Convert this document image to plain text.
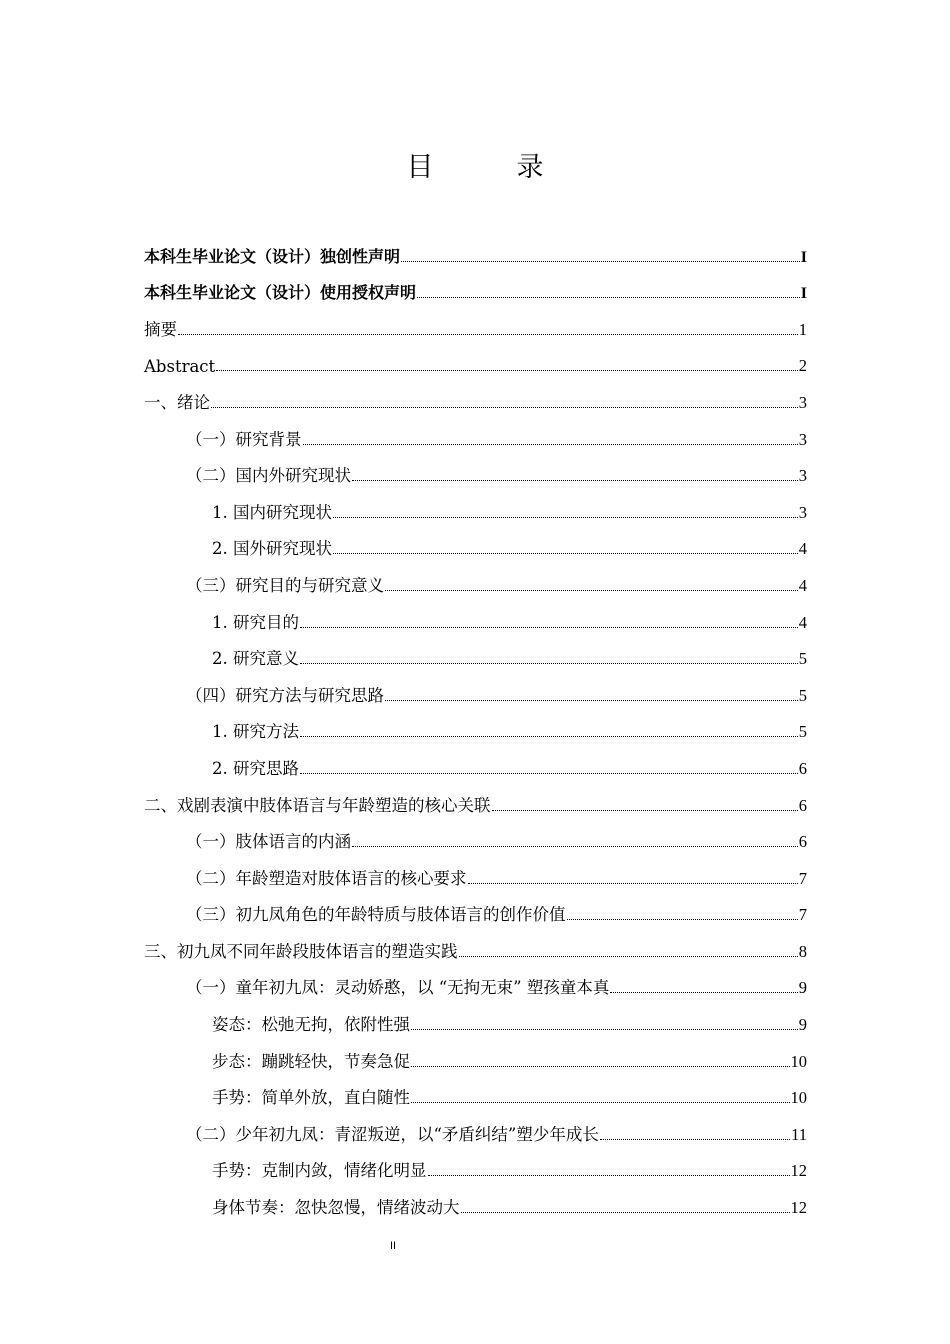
目　录
本科生毕业论文（设计）独创性声明	I
本科生毕业论文（设计）使用授权声明	I
摘要	1
Abstract	2
一、绪论	3
（一）研究背景	3
（二）国内外研究现状	3
1. 国内研究现状	3
2. 国外研究现状	4
（三）研究目的与研究意义	4
1. 研究目的	4
2. 研究意义	5
（四）研究方法与研究思路	5
1. 研究方法	5
2. 研究思路	6
二、戏剧表演中肢体语言与年龄塑造的核心关联	6
（一）肢体语言的内涵	6
（二）年龄塑造对肢体语言的核心要求	7
（三）初九凤角色的年龄特质与肢体语言的创作价值	7
三、初九凤不同年龄段肢体语言的塑造实践	8
（一）童年初九凤：灵动娇憨，以 “无拘无束” 塑孩童本真	9
姿态：松弛无拘，依附性强	9
步态：蹦跳轻快，节奏急促	10
手势：简单外放，直白随性	10
（二）少年初九凤：青涩叛逆，以“矛盾纠结”塑少年成长	11
手势：克制内敛，情绪化明显	12
身体节奏：忽快忽慢，情绪波动大	12
II
